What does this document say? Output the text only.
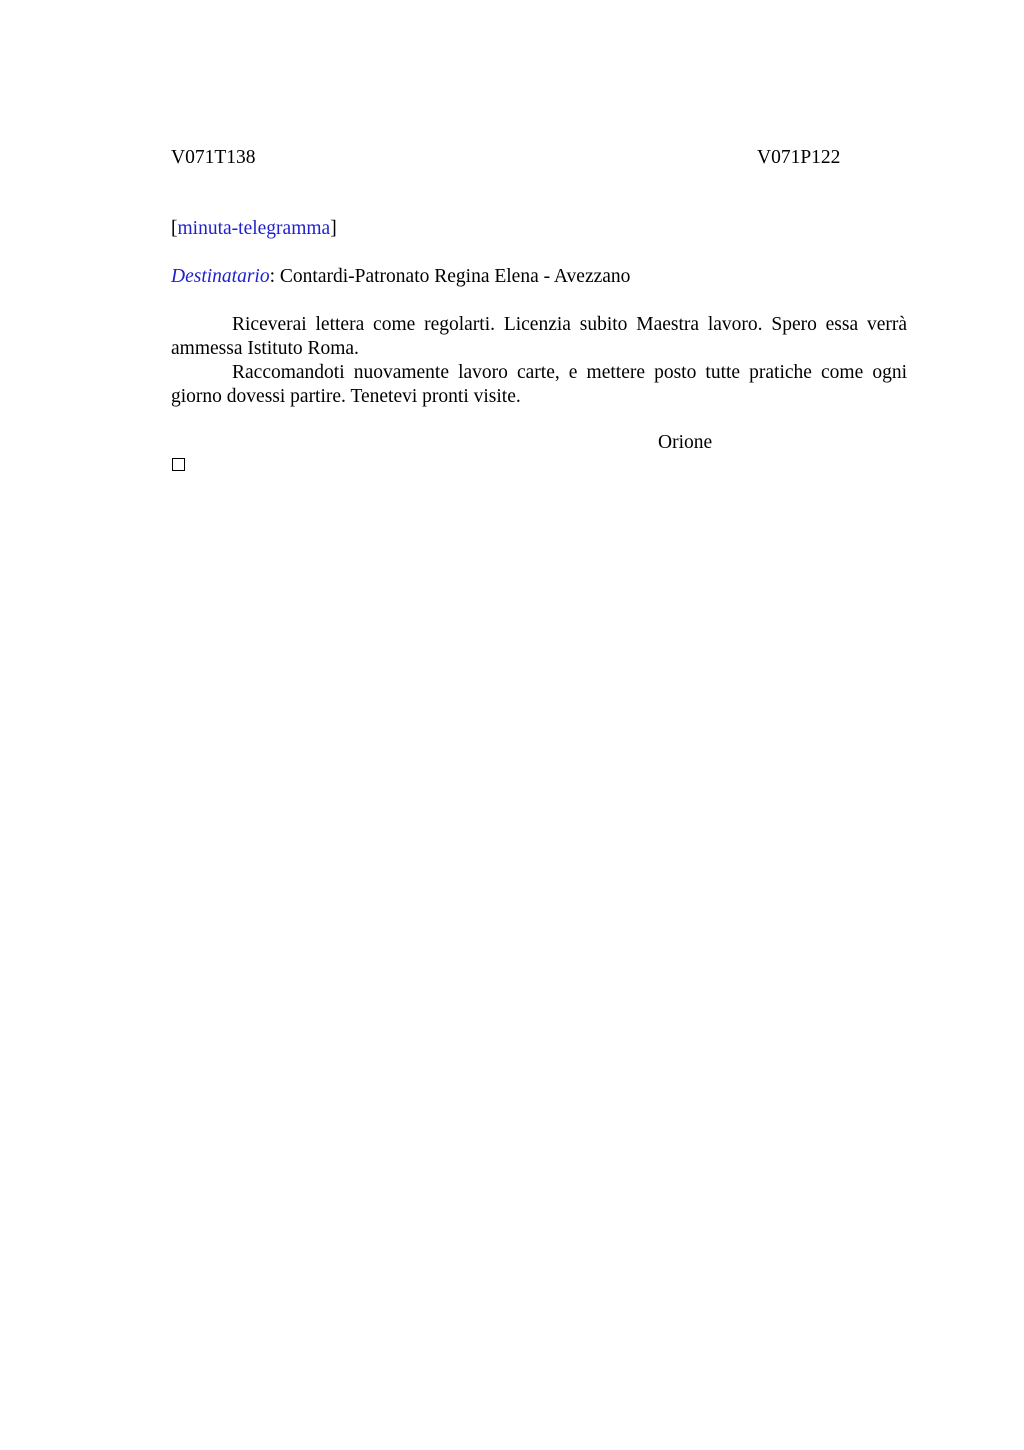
V071T138	V071P122
[minuta-telegramma]
Destinatario: Contardi-Patronato Regina Elena - Avezzano

Riceverai lettera come regolarti. Licenzia subito Maestra lavoro. Spero essa verrà ammessa Istituto Roma.

Raccomandoti nuovamente lavoro carte, e mettere posto tutte pratiche come ogni giorno dovessi partire. Tenetevi pronti visite.

Orione
